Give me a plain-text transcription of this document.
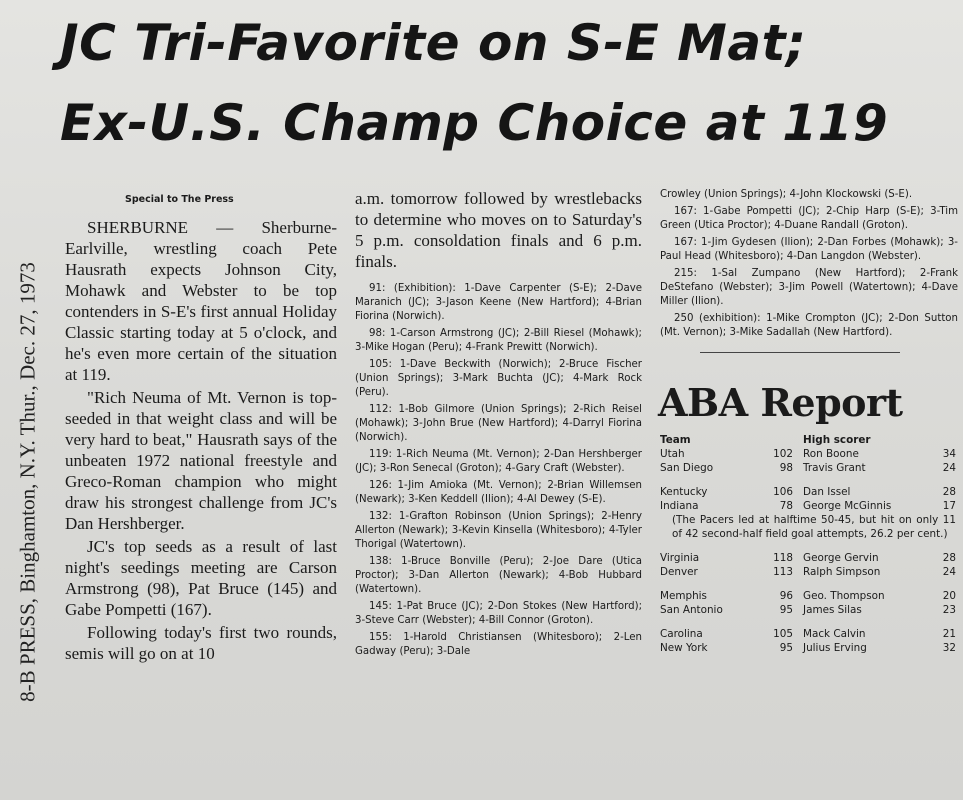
JC Tri-Favorite on S-E Mat;
Ex-U.S. Champ Choice at 119
8-B PRESS, Binghamton, N.Y. Thur., Dec. 27, 1973
Special to The Press

SHERBURNE — Sherburne-Earlville, wrestling coach Pete Hausrath expects Johnson City, Mohawk and Webster to be top contenders in S-E's first annual Holiday Classic starting today at 5 o'clock, and he's even more certain of the situation at 119.

"Rich Neuma of Mt. Vernon is top-seeded in that weight class and will be very hard to beat," Hausrath says of the unbeaten 1972 national freestyle and Greco-Roman champion who might draw his strongest challenge from JC's Dan Hershberger.

JC's top seeds as a result of last night's seedings meeting are Carson Armstrong (98), Pat Bruce (145) and Gabe Pompetti (167).

Following today's first two rounds, semis will go on at 10

a.m. tomorrow followed by wrestlebacks to determine who moves on to Saturday's 5 p.m. consoldation finals and 6 p.m. finals.

91: (Exhibition): 1-Dave Carpenter (S-E); 2-Dave Maranich (JC); 3-Jason Keene (New Hartford); 4-Brian Fiorina (Norwich).

98: 1-Carson Armstrong (JC); 2-Bill Riesel (Mohawk); 3-Mike Hogan (Peru); 4-Frank Prewitt (Norwich).

105: 1-Dave Beckwith (Norwich); 2-Bruce Fischer (Union Springs); 3-Mark Buchta (JC); 4-Mark Rock (Peru).

112: 1-Bob Gilmore (Union Springs); 2-Rich Reisel (Mohawk); 3-John Brue (New Hartford); 4-Darryl Fiorina (Norwich).

119: 1-Rich Neuma (Mt. Vernon); 2-Dan Hershberger (JC); 3-Ron Senecal (Groton); 4-Gary Craft (Webster).

126: 1-Jim Amioka (Mt. Vernon); 2-Brian Willemsen (Newark); 3-Ken Keddell (Ilion); 4-Al Dewey (S-E).

132: 1-Grafton Robinson (Union Springs); 2-Henry Allerton (Newark); 3-Kevin Kinsella (Whitesboro); 4-Tyler Thorigal (Watertown).

138: 1-Bruce Bonville (Peru); 2-Joe Dare (Utica Proctor); 3-Dan Allerton (Newark); 4-Bob Hubbard (Watertown).

145: 1-Pat Bruce (JC); 2-Don Stokes (New Hartford); 3-Steve Carr (Webster); 4-Bill Connor (Groton).

155: 1-Harold Christiansen (Whitesboro); 2-Len Gadway (Peru); 3-Dale

Crowley (Union Springs); 4-John Klockowski (S-E).

167: 1-Gabe Pompetti (JC); 2-Chip Harp (S-E); 3-Tim Green (Utica Proctor); 4-Duane Randall (Groton).

167: 1-Jim Gydesen (Ilion); 2-Dan Forbes (Mohawk); 3-Paul Head (Whitesboro); 4-Dan Langdon (Webster).

215: 1-Sal Zumpano (New Hartford); 2-Frank DeStefano (Webster); 3-Jim Powell (Watertown); 4-Dave Miller (Ilion).

250 (exhibition): 1-Mike Crompton (JC); 2-Don Sutton (Mt. Vernon); 3-Mike Sadallah (New Hartford).

ABA Report
Team		High scorer	
Utah	102	Ron Boone	34
San Diego	98	Travis Grant	24

Kentucky	106	Dan Issel	28
Indiana	78	George McGinnis	17
(The Pacers led at halftime 50-45, but hit on only 11 of 42 second-half field goal attempts, 26.2 per cent.)			

Virginia	118	George Gervin	28
Denver	113	Ralph Simpson	24

Memphis	96	Geo. Thompson	20
San Antonio	95	James Silas	23

Carolina	105	Mack Calvin	21
New York	95	Julius Erving	32
